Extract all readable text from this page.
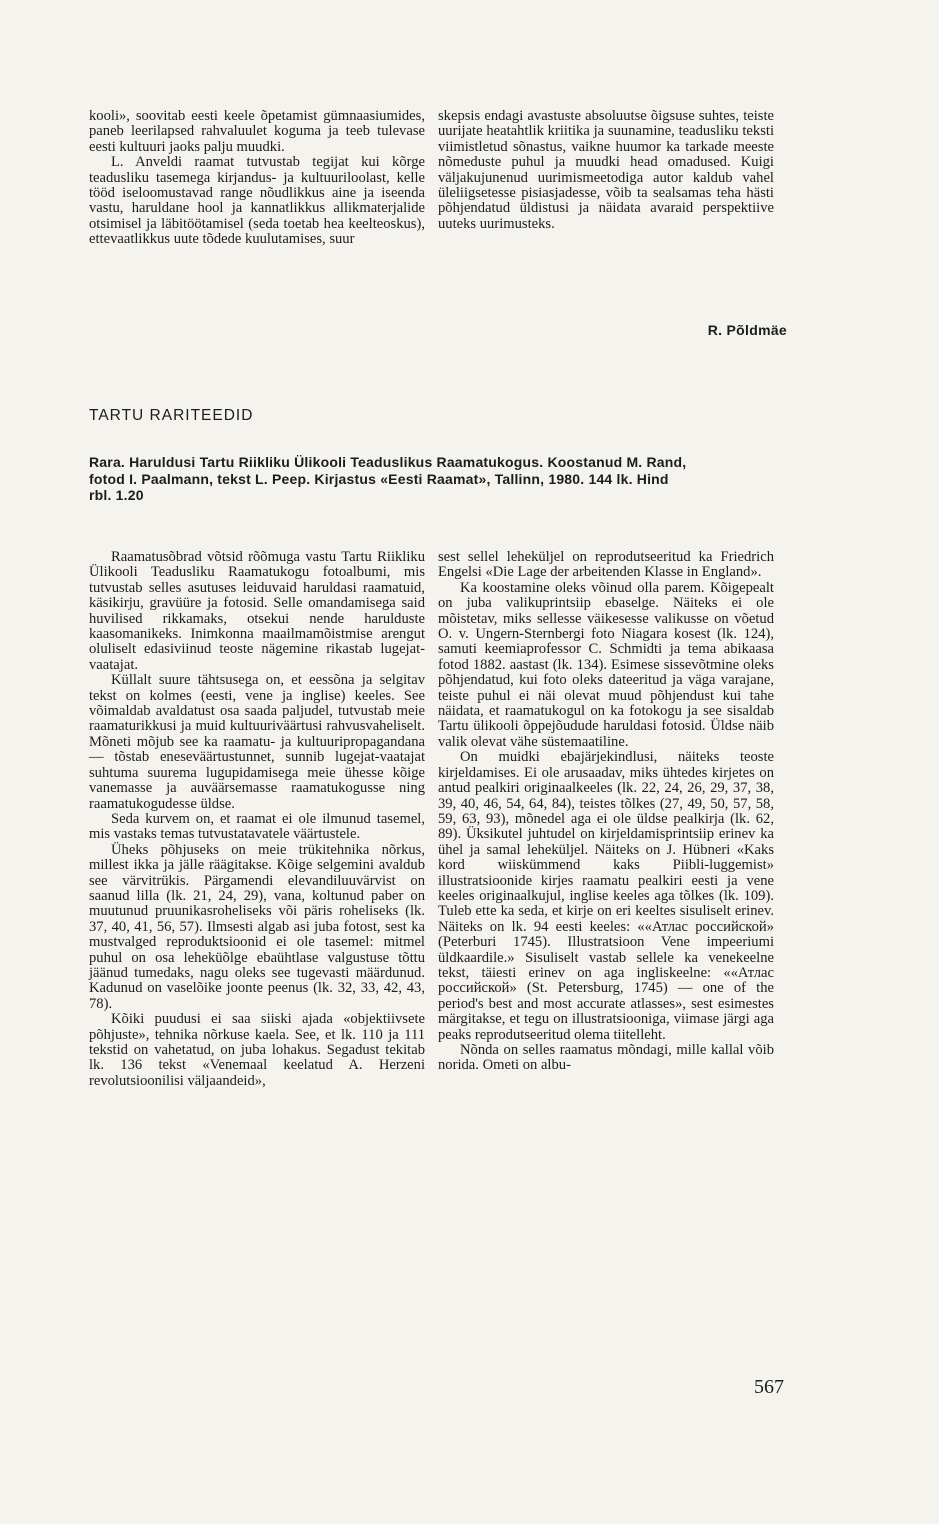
kooli», soovitab eesti keele õpetamist gümnaasiumides, paneb leerilapsed rahvaluulet koguma ja teeb tulevase eesti kultuuri jaoks palju muudki.

L. Anveldi raamat tutvustab tegijat kui kõrge teadusliku tasemega kirjandus- ja kultuuriloolast, kelle tööd iseloomustavad range nõudlikkus aine ja iseenda vastu, haruldane hool ja kannatlikkus allikmaterjalide otsimisel ja läbitöötamisel (seda toetab hea keelteoskus), ettevaatlikkus uute tõdede kuulutamises, suur

skepsis endagi avastuste absoluutse õigsuse suhtes, teiste uurijate heatahtlik kriitika ja suunamine, teadusliku teksti viimistletud sõnastus, vaikne huumor ka tarkade meeste nõmeduste puhul ja muudki head omadused. Kuigi väljakujunenud uurimismeetodiga autor kaldub vahel üleliigsetesse pisiasjadesse, võib ta sealsamas teha hästi põhjendatud üldistusi ja näidata avaraid perspektiive uuteks uurimusteks.

R. Põldmäe
TARTU RARITEEDID
Rara. Haruldusi Tartu Riikliku Ülikooli Teaduslikus Raamatukogus. Koostanud M. Rand, fotod I. Paalmann, tekst L. Peep. Kirjastus «Eesti Raamat», Tallinn, 1980. 144 lk. Hind rbl. 1.20

Raamatusõbrad võtsid rõõmuga vastu Tartu Riikliku Ülikooli Teadusliku Raamatukogu fotoalbumi, mis tutvustab selles asutuses leiduvaid haruldasi raamatuid, käsikirju, gravüüre ja fotosid. Selle omandamisega said huvilised rikkamaks, otsekui nende harulduste kaasomanikeks. Inimkonna maailmamõistmise arengut oluliselt edasiviinud teoste nägemine rikastab lugejat-vaatajat.

Küllalt suure tähtsusega on, et eessõna ja selgitav tekst on kolmes (eesti, vene ja inglise) keeles. See võimaldab avaldatust osa saada paljudel, tutvustab meie raamaturikkusi ja muid kultuuriväärtusi rahvusvaheliselt. Mõneti mõjub see ka raamatu- ja kultuuripropagandana — tõstab eneseväärtustunnet, sunnib lugejat-vaatajat suhtuma suurema lugupidamisega meie ühesse kõige vanemasse ja auväärsemasse raamatukogusse ning raamatukogudesse üldse.

Seda kurvem on, et raamat ei ole ilmunud tasemel, mis vastaks temas tutvustatavatele väärtustele.

Üheks põhjuseks on meie trükitehnika nõrkus, millest ikka ja jälle räägitakse. Kõige selgemini avaldub see värvitrükis. Pärgamendi elevandiluuvärvist on saanud lilla (lk. 21, 24, 29), vana, koltunud paber on muutunud pruunikasroheliseks või päris roheliseks (lk. 37, 40, 41, 56, 57). Ilmsesti algab asi juba fotost, sest ka mustvalged reproduktsioonid ei ole tasemel: mitmel puhul on osa leheküõlge ebaühtlase valgustuse tõttu jäänud tumedaks, nagu oleks see tugevasti määrdunud. Kadunud on vaselõike joonte peenus (lk. 32, 33, 42, 43, 78).

Kõiki puudusi ei saa siiski ajada «objektiivsete põhjuste», tehnika nõrkuse kaela. See, et lk. 110 ja 111 tekstid on vahetatud, on juba lohakus. Segadust tekitab lk. 136 tekst «Venemaal keelatud A. Herzeni revolutsioonilisi väljaandeid»,

sest sellel leheküljel on reprodutseeritud ka Friedrich Engelsi «Die Lage der arbeitenden Klasse in England».

Ka koostamine oleks võinud olla parem. Kõigepealt on juba valikuprintsiip ebaselge. Näiteks ei ole mõistetav, miks sellesse väikesesse valikusse on võetud O. v. Ungern-Sternbergi foto Niagara kosest (lk. 124), samuti keemiaprofessor C. Schmidti ja tema abikaasa fotod 1882. aastast (lk. 134). Esimese sissevõtmine oleks põhjendatud, kui foto oleks dateeritud ja väga varajane, teiste puhul ei näi olevat muud põhjendust kui tahe näidata, et raamatukogul on ka fotokogu ja see sisaldab Tartu ülikooli õppejõudude haruldasi fotosid. Üldse näib valik olevat vähe süstemaatiline.

On muidki ebajärjekindlusi, näiteks teoste kirjeldamises. Ei ole arusaadav, miks ühtedes kirjetes on antud pealkiri originaalkeeles (lk. 22, 24, 26, 29, 37, 38, 39, 40, 46, 54, 64, 84), teistes tõlkes (27, 49, 50, 57, 58, 59, 63, 93), mõnedel aga ei ole üldse pealkirja (lk. 62, 89). Üksikutel juhtudel on kirjeldamisprintsiip erinev ka ühel ja samal leheküljel. Näiteks on J. Hübneri «Kaks kord wiiskümmend kaks Piibli-luggemist» illustratsioonide kirjes raamatu pealkiri eesti ja vene keeles originaalkujul, inglise keeles aga tõlkes (lk. 109). Tuleb ette ka seda, et kirje on eri keeltes sisuliselt erinev. Näiteks on lk. 94 eesti keeles: ««Атлас российской» (Peterburi 1745). Illustratsioon Vene impeeriumi üldkaardile.» Sisuliselt vastab sellele ka venekeelne tekst, täiesti erinev on aga ingliskeelne: ««Атлас российской» (St. Petersburg, 1745) — one of the period's best and most accurate atlasses», sest esimestes märgitakse, et tegu on illustratsiooniga, viimase järgi aga peaks reprodutseeritud olema tiitelleht.

Nõnda on selles raamatus mõndagi, mille kallal võib norida. Ometi on albu-

567
